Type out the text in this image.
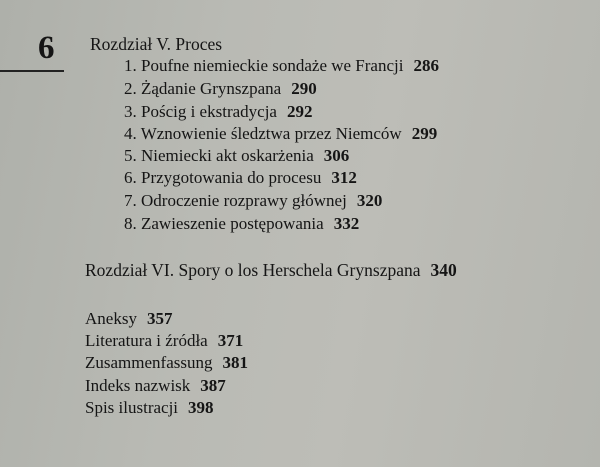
6 Rozdział V. Proces
1. Poufne niemieckie sondaże we Francji 286
2. Żądanie Grynszpana 290
3. Pościg i ekstradycja 292
4. Wznowienie śledztwa przez Niemców 299
5. Niemiecki akt oskarżenia 306
6. Przygotowania do procesu 312
7. Odroczenie rozprawy głównej 320
8. Zawieszenie postępowania 332
Rozdział VI. Spory o los Herschela Grynszpana 340
Aneksy 357
Literatura i źródła 371
Zusammenfassung 381
Indeks nazwisk 387
Spis ilustracji 398
